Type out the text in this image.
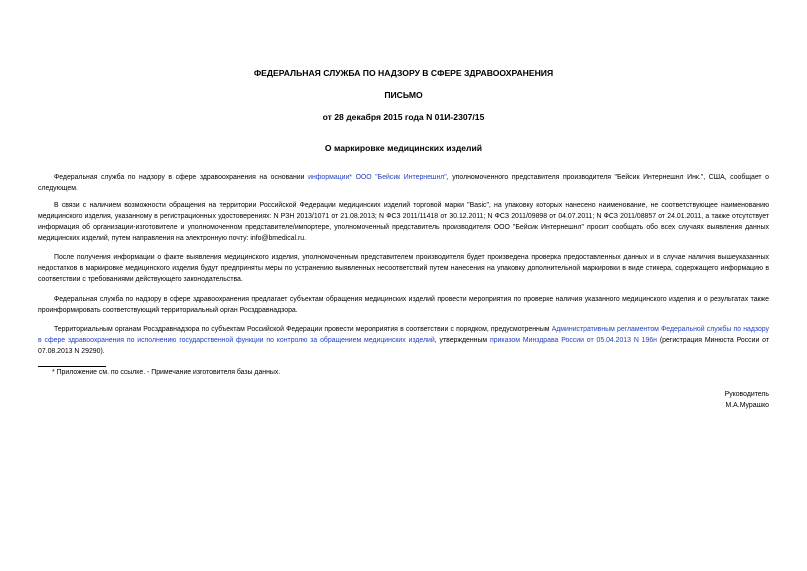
ФЕДЕРАЛЬНАЯ СЛУЖБА ПО НАДЗОРУ В СФЕРЕ ЗДРАВООХРАНЕНИЯ
ПИСЬМО
от 28 декабря 2015 года N 01И-2307/15
О маркировке медицинских изделий
Федеральная служба по надзору в сфере здравоохранения на основании информации* ООО "Бейсик Интернешнл", уполномоченного представителя производителя "Бейсик Интернешнл Инк.", США, сообщает о следующем.
В связи с наличием возможности обращения на территории Российской Федерации медицинских изделий торговой марки "Basic", на упаковку которых нанесено наименование, не соответствующее наименованию медицинского изделия, указанному в регистрационных удостоверениях: N РЗН 2013/1071 от 21.08.2013; N ФСЗ 2011/11418 от 30.12.2011; N ФСЗ 2011/09898 от 04.07.2011; N ФСЗ 2011/08857 от 24.01.2011, а также отсутствует информация об организации-изготовителе и уполномоченном представителе/импортере, уполномоченный представитель производителя ООО "Бейсик Интернешнл" просит сообщать обо всех случаях выявления данных медицинских изделий, путем направления на электронную почту: info@bmedical.ru.
После получения информации о факте выявления медицинского изделия, уполномоченным представителем производителя будет произведена проверка предоставленных данных и в случае наличия вышеуказанных недостатков в маркировке медицинского изделия будут предприняты меры по устранению выявленных несоответствий путем нанесения на упаковку дополнительной маркировки в виде стикера, содержащего информацию в соответствии с требованиями действующего законодательства.
Федеральная служба по надзору в сфере здравоохранения предлагает субъектам обращения медицинских изделий провести мероприятия по проверке наличия указанного медицинского изделия и о результатах также проинформировать соответствующий территориальный орган Росздравнадзора.
Территориальным органам Росздравнадзора по субъектам Российской Федерации провести мероприятия в соответствии с порядком, предусмотренным Административным регламентом Федеральной службы по надзору в сфере здравоохранения по исполнению государственной функции по контролю за обращением медицинских изделий, утвержденным приказом Минздрава России от 05.04.2013 N 196н (регистрация Минюста России от 07.08.2013 N 29290).
* Приложение см. по ссылке. - Примечание изготовителя базы данных.
Руководитель
М.А.Мурашко
